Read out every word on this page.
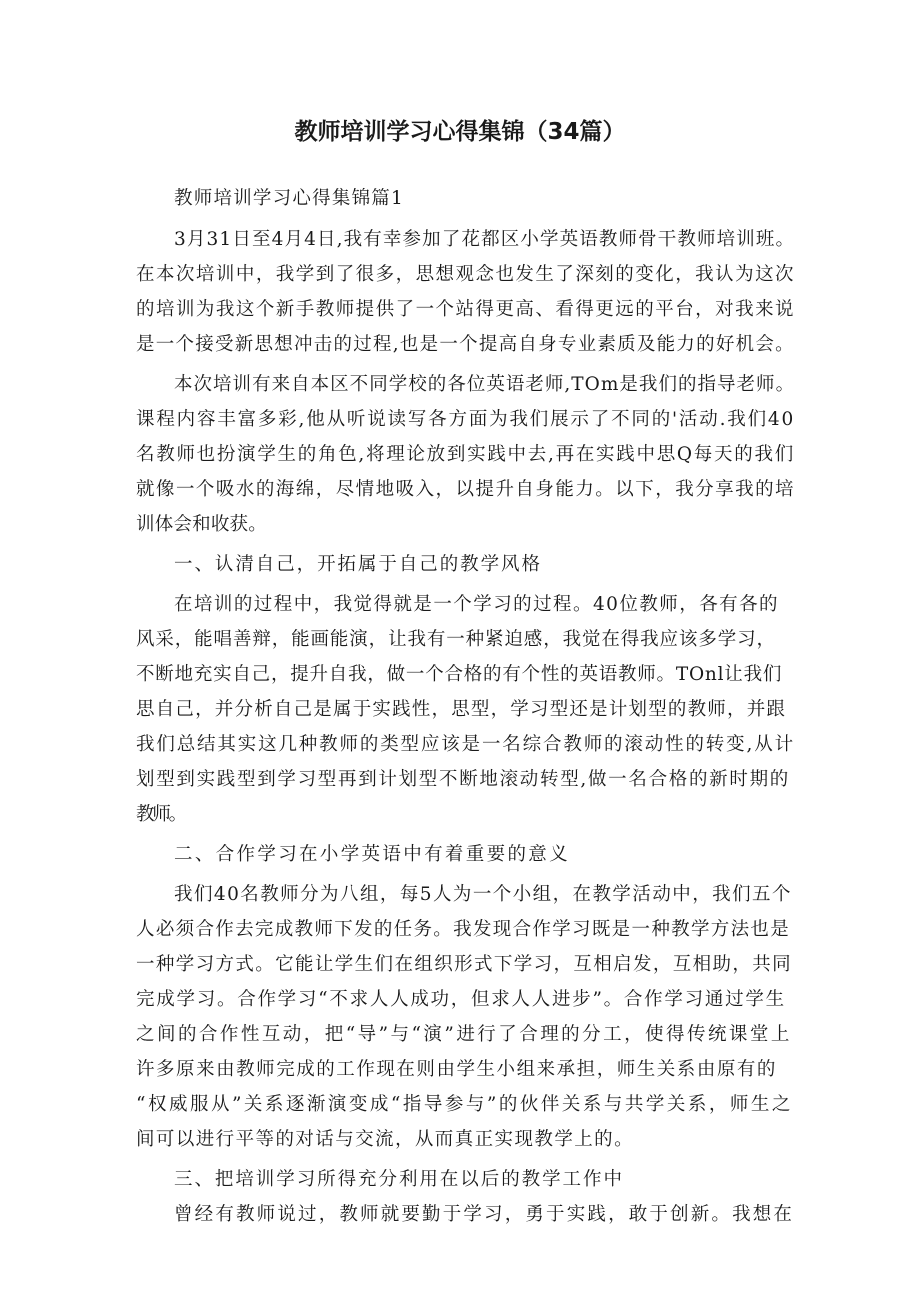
教师培训学习心得集锦（34篇）
教师培训学习心得集锦篇1
3月31日至4月4日,我有幸参加了花都区小学英语教师骨干教师培训班。
在本次培训中，我学到了很多，思想观念也发生了深刻的变化，我认为这次
的培训为我这个新手教师提供了一个站得更高、看得更远的平台，对我来说
是一个接受新思想冲击的过程,也是一个提高自身专业素质及能力的好机会。
本次培训有来自本区不同学校的各位英语老师,TOm是我们的指导老师。
课程内容丰富多彩,他从听说读写各方面为我们展示了不同的'活动.我们40
名教师也扮演学生的角色,将理论放到实践中去,再在实践中思Q每天的我们
就像一个吸水的海绵，尽情地吸入，以提升自身能力。以下，我分享我的培
训体会和收获。
一、认清自己，开拓属于自己的教学风格
在培训的过程中，我觉得就是一个学习的过程。40位教师，各有各的
风采，能唱善辩，能画能演，让我有一种紧迫感，我觉在得我应该多学习，
不断地充实自己，提升自我，做一个合格的有个性的英语教师。TOnl让我们
思自己，并分析自己是属于实践性，思型，学习型还是计划型的教师，并跟
我们总结其实这几种教师的类型应该是一名综合教师的滚动性的转变,从计
划型到实践型到学习型再到计划型不断地滚动转型,做一名合格的新时期的
教师。
二、合作学习在小学英语中有着重要的意义
我们40名教师分为八组，每5人为一个小组，在教学活动中，我们五个
人必须合作去完成教师下发的任务。我发现合作学习既是一种教学方法也是
一种学习方式。它能让学生们在组织形式下学习，互相启发，互相助，共同
完成学习。合作学习“不求人人成功，但求人人进步”。合作学习通过学生
之间的合作性互动，把“导”与“演”进行了合理的分工，使得传统课堂上
许多原来由教师完成的工作现在则由学生小组来承担，师生关系由原有的
“权威服从”关系逐渐演变成“指导参与”的伙伴关系与共学关系，师生之
间可以进行平等的对话与交流，从而真正实现教学上的。
三、把培训学习所得充分利用在以后的教学工作中
曾经有教师说过，教师就要勤于学习，勇于实践，敢于创新。我想在
